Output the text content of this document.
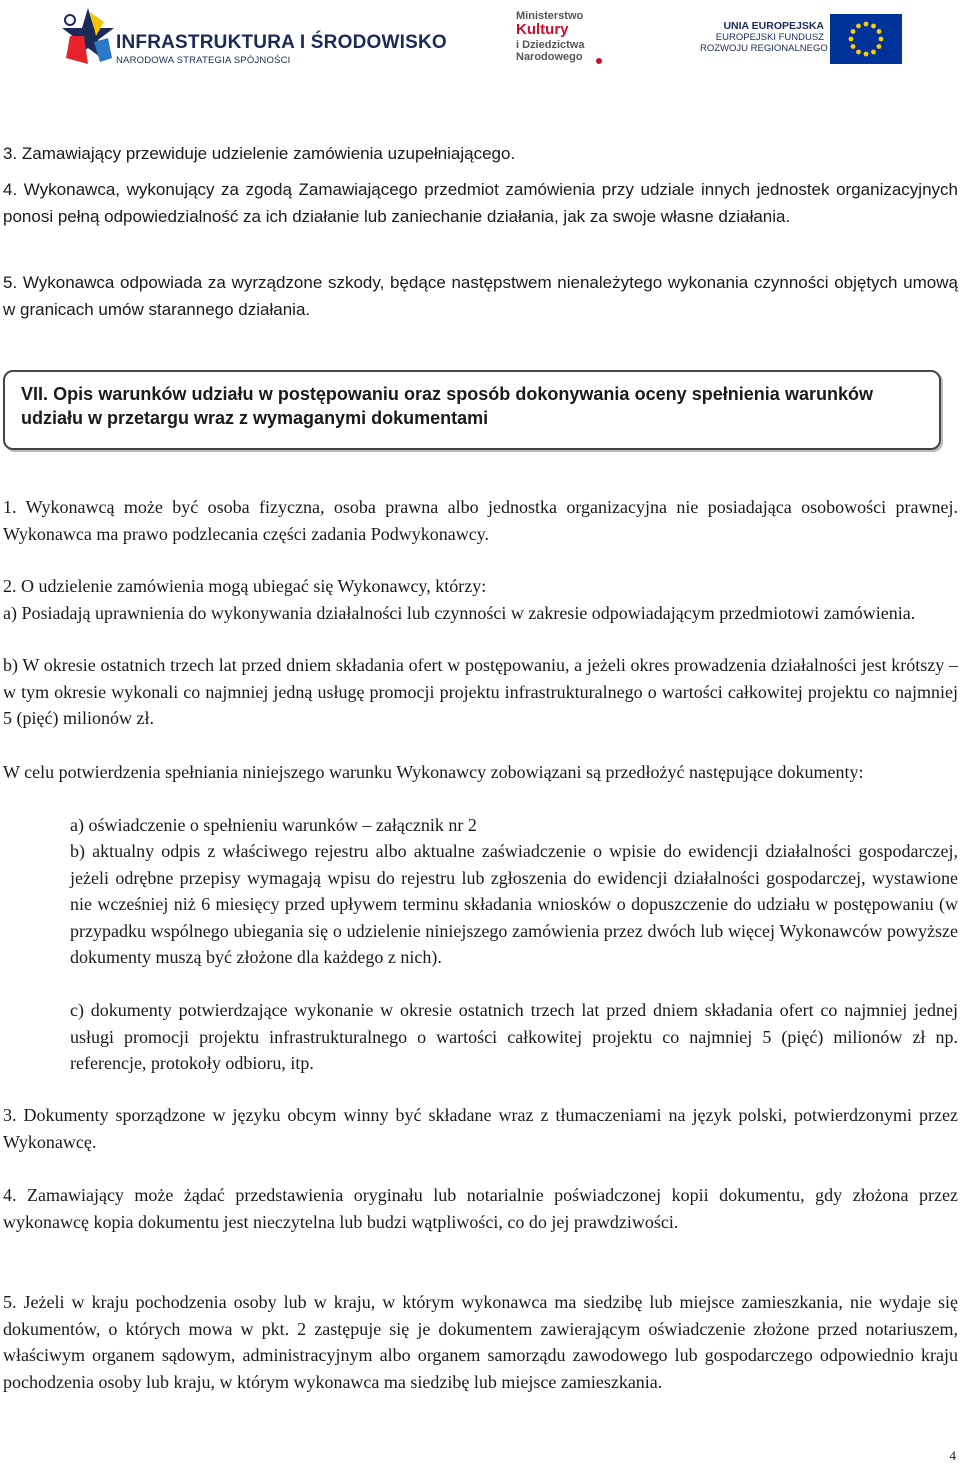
INFRASTRUKTURA I ŚRODOWISKO
NARODOWA STRATEGIA SPÓJNOŚCI
Ministerstwo
Kultury
i Dziedzictwa
Narodowego
UNIA EUROPEJSKA
EUROPEJSKI FUNDUSZ
ROZWOJU REGIONALNEGO

3. Zamawiający przewiduje udzielenie zamówienia uzupełniającego.

4. Wykonawca, wykonujący za zgodą Zamawiającego przedmiot zamówienia przy udziale innych jednostek organizacyjnych ponosi pełną odpowiedzialność za ich działanie lub zaniechanie działania, jak za swoje własne działania.

5. Wykonawca odpowiada za wyrządzone szkody, będące następstwem nienależytego wykonania czynności objętych umową w granicach umów starannego działania.

VII. Opis warunków udziału w postępowaniu oraz sposób dokonywania oceny spełnienia warunków udziału w przetargu wraz z wymaganymi dokumentami

1. Wykonawcą może być osoba fizyczna, osoba prawna albo jednostka organizacyjna nie posiadająca osobowości prawnej. Wykonawca ma prawo podzlecania części zadania Podwykonawcy.

2. O udzielenie zamówienia mogą ubiegać się Wykonawcy, którzy:

a) Posiadają uprawnienia do wykonywania działalności lub czynności w zakresie odpowiadającym przedmiotowi zamówienia.

b) W okresie ostatnich trzech lat przed dniem składania ofert w postępowaniu, a jeżeli okres prowadzenia działalności jest krótszy – w tym okresie wykonali co najmniej jedną usługę promocji projektu infrastrukturalnego o wartości całkowitej projektu co najmniej 5 (pięć) milionów zł.

W celu potwierdzenia spełniania niniejszego warunku Wykonawcy zobowiązani są przedłożyć następujące dokumenty:

a) oświadczenie o spełnieniu warunków – załącznik nr 2

b) aktualny odpis z właściwego rejestru albo aktualne zaświadczenie o wpisie do ewidencji działalności gospodarczej, jeżeli odrębne przepisy wymagają wpisu do rejestru lub zgłoszenia do ewidencji działalności gospodarczej, wystawione nie wcześniej niż 6 miesięcy przed upływem terminu składania wniosków o dopuszczenie do udziału w postępowaniu (w przypadku wspólnego ubiegania się o udzielenie niniejszego zamówienia przez dwóch lub więcej Wykonawców powyższe dokumenty muszą być złożone dla każdego z nich).

c) dokumenty potwierdzające wykonanie w okresie ostatnich trzech lat przed dniem składania ofert co najmniej jednej usługi promocji projektu infrastrukturalnego o wartości całkowitej projektu co najmniej 5 (pięć) milionów zł np. referencje, protokoły odbioru, itp.

3. Dokumenty sporządzone w języku obcym winny być składane wraz z tłumaczeniami na język polski, potwierdzonymi przez Wykonawcę.

4. Zamawiający może żądać przedstawienia oryginału lub notarialnie poświadczonej kopii dokumentu, gdy złożona przez wykonawcę kopia dokumentu jest nieczytelna lub budzi wątpliwości, co do jej prawdziwości.

5. Jeżeli w kraju pochodzenia osoby lub w kraju, w którym wykonawca ma siedzibę lub miejsce zamieszkania, nie wydaje się dokumentów, o których mowa w pkt. 2 zastępuje się je dokumentem zawierającym oświadczenie złożone przed notariuszem, właściwym organem sądowym, administracyjnym albo organem samorządu zawodowego lub gospodarczego odpowiednio kraju pochodzenia osoby lub kraju, w którym wykonawca ma siedzibę lub miejsce zamieszkania.

4
